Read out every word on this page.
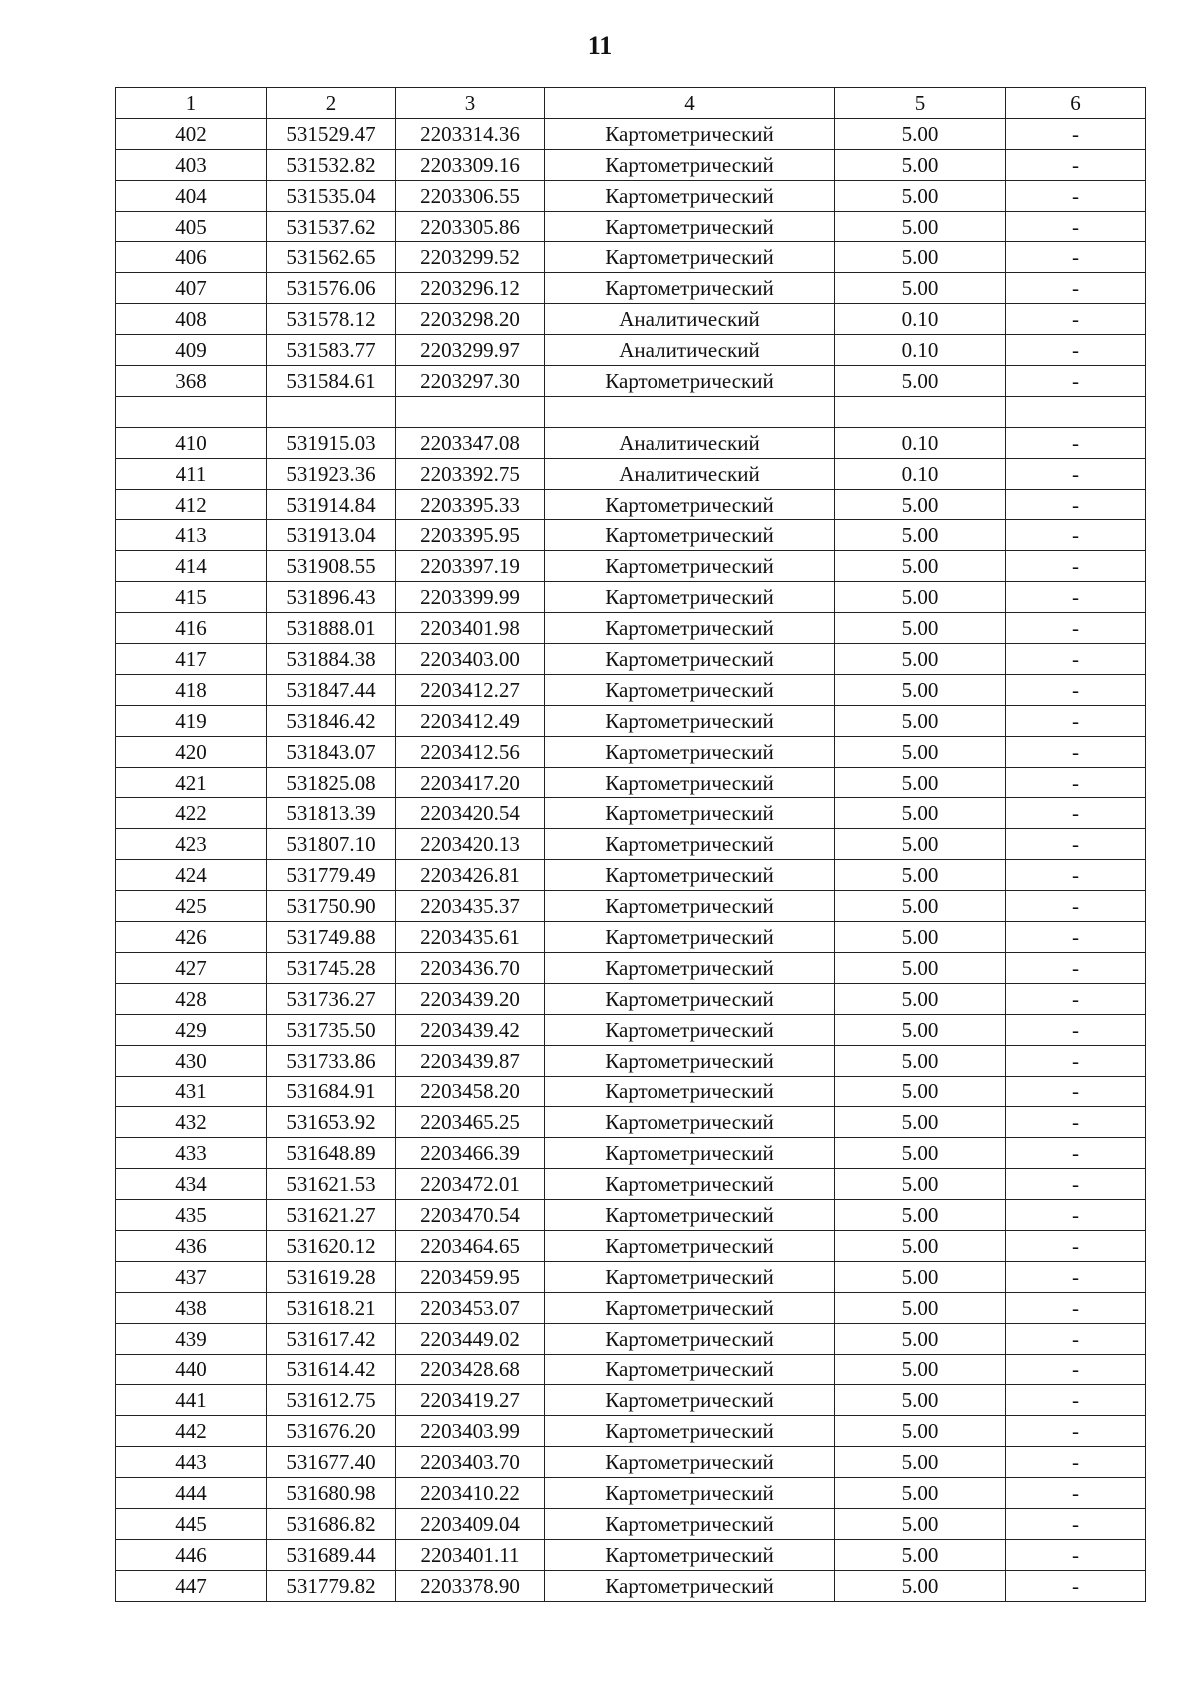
11
1	2	3	4	5	6
402	531529.47	2203314.36	Картометрический	5.00	-
403	531532.82	2203309.16	Картометрический	5.00	-
404	531535.04	2203306.55	Картометрический	5.00	-
405	531537.62	2203305.86	Картометрический	5.00	-
406	531562.65	2203299.52	Картометрический	5.00	-
407	531576.06	2203296.12	Картометрический	5.00	-
408	531578.12	2203298.20	Аналитический	0.10	-
409	531583.77	2203299.97	Аналитический	0.10	-
368	531584.61	2203297.30	Картометрический	5.00	-

410	531915.03	2203347.08	Аналитический	0.10	-
411	531923.36	2203392.75	Аналитический	0.10	-
412	531914.84	2203395.33	Картометрический	5.00	-
413	531913.04	2203395.95	Картометрический	5.00	-
414	531908.55	2203397.19	Картометрический	5.00	-
415	531896.43	2203399.99	Картометрический	5.00	-
416	531888.01	2203401.98	Картометрический	5.00	-
417	531884.38	2203403.00	Картометрический	5.00	-
418	531847.44	2203412.27	Картометрический	5.00	-
419	531846.42	2203412.49	Картометрический	5.00	-
420	531843.07	2203412.56	Картометрический	5.00	-
421	531825.08	2203417.20	Картометрический	5.00	-
422	531813.39	2203420.54	Картометрический	5.00	-
423	531807.10	2203420.13	Картометрический	5.00	-
424	531779.49	2203426.81	Картометрический	5.00	-
425	531750.90	2203435.37	Картометрический	5.00	-
426	531749.88	2203435.61	Картометрический	5.00	-
427	531745.28	2203436.70	Картометрический	5.00	-
428	531736.27	2203439.20	Картометрический	5.00	-
429	531735.50	2203439.42	Картометрический	5.00	-
430	531733.86	2203439.87	Картометрический	5.00	-
431	531684.91	2203458.20	Картометрический	5.00	-
432	531653.92	2203465.25	Картометрический	5.00	-
433	531648.89	2203466.39	Картометрический	5.00	-
434	531621.53	2203472.01	Картометрический	5.00	-
435	531621.27	2203470.54	Картометрический	5.00	-
436	531620.12	2203464.65	Картометрический	5.00	-
437	531619.28	2203459.95	Картометрический	5.00	-
438	531618.21	2203453.07	Картометрический	5.00	-
439	531617.42	2203449.02	Картометрический	5.00	-
440	531614.42	2203428.68	Картометрический	5.00	-
441	531612.75	2203419.27	Картометрический	5.00	-
442	531676.20	2203403.99	Картометрический	5.00	-
443	531677.40	2203403.70	Картометрический	5.00	-
444	531680.98	2203410.22	Картометрический	5.00	-
445	531686.82	2203409.04	Картометрический	5.00	-
446	531689.44	2203401.11	Картометрический	5.00	-
447	531779.82	2203378.90	Картометрический	5.00	-
